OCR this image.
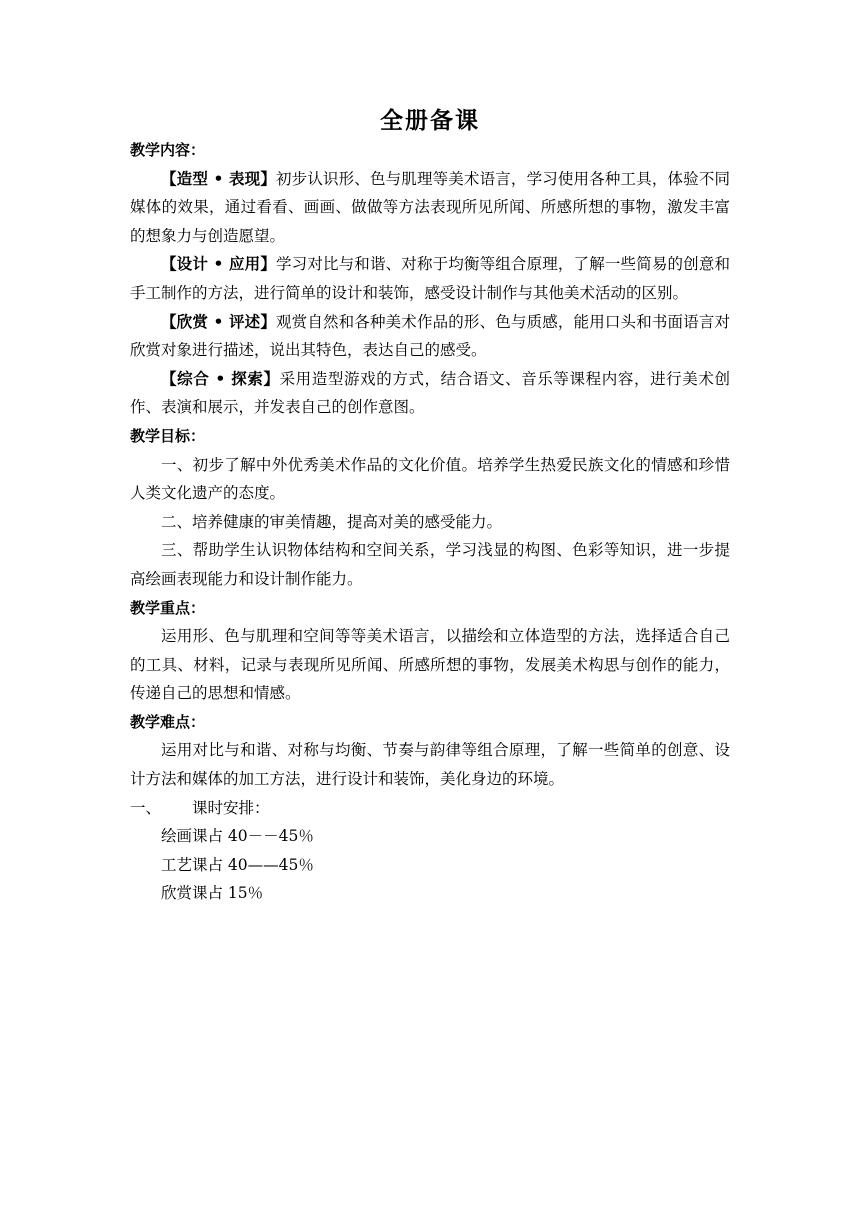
全册备课

教学内容：

【造型 • 表现】初步认识形、色与肌理等美术语言，学习使用各种工具，体验不同媒体的效果，通过看看、画画、做做等方法表现所见所闻、所感所想的事物，激发丰富的想象力与创造愿望。

【设计 • 应用】学习对比与和谐、对称于均衡等组合原理，了解一些简易的创意和手工制作的方法，进行简单的设计和装饰，感受设计制作与其他美术活动的区别。

【欣赏 • 评述】观赏自然和各种美术作品的形、色与质感，能用口头和书面语言对欣赏对象进行描述，说出其特色，表达自己的感受。

【综合 • 探索】采用造型游戏的方式，结合语文、音乐等课程内容，进行美术创作、表演和展示，并发表自己的创作意图。

教学目标：

一、初步了解中外优秀美术作品的文化价值。培养学生热爱民族文化的情感和珍惜人类文化遗产的态度。

二、培养健康的审美情趣，提高对美的感受能力。

三、帮助学生认识物体结构和空间关系，学习浅显的构图、色彩等知识，进一步提高绘画表现能力和设计制作能力。

教学重点：

运用形、色与肌理和空间等等美术语言，以描绘和立体造型的方法，选择适合自己的工具、材料，记录与表现所见所闻、所感所想的事物，发展美术构思与创作的能力，传递自己的思想和情感。

教学难点：

运用对比与和谐、对称与均衡、节奏与韵律等组合原理，了解一些简单的创意、设计方法和媒体的加工方法，进行设计和装饰，美化身边的环境。

一、 课时安排：

绘画课占 40－－45％

工艺课占 40——45％

欣赏课占 15％
